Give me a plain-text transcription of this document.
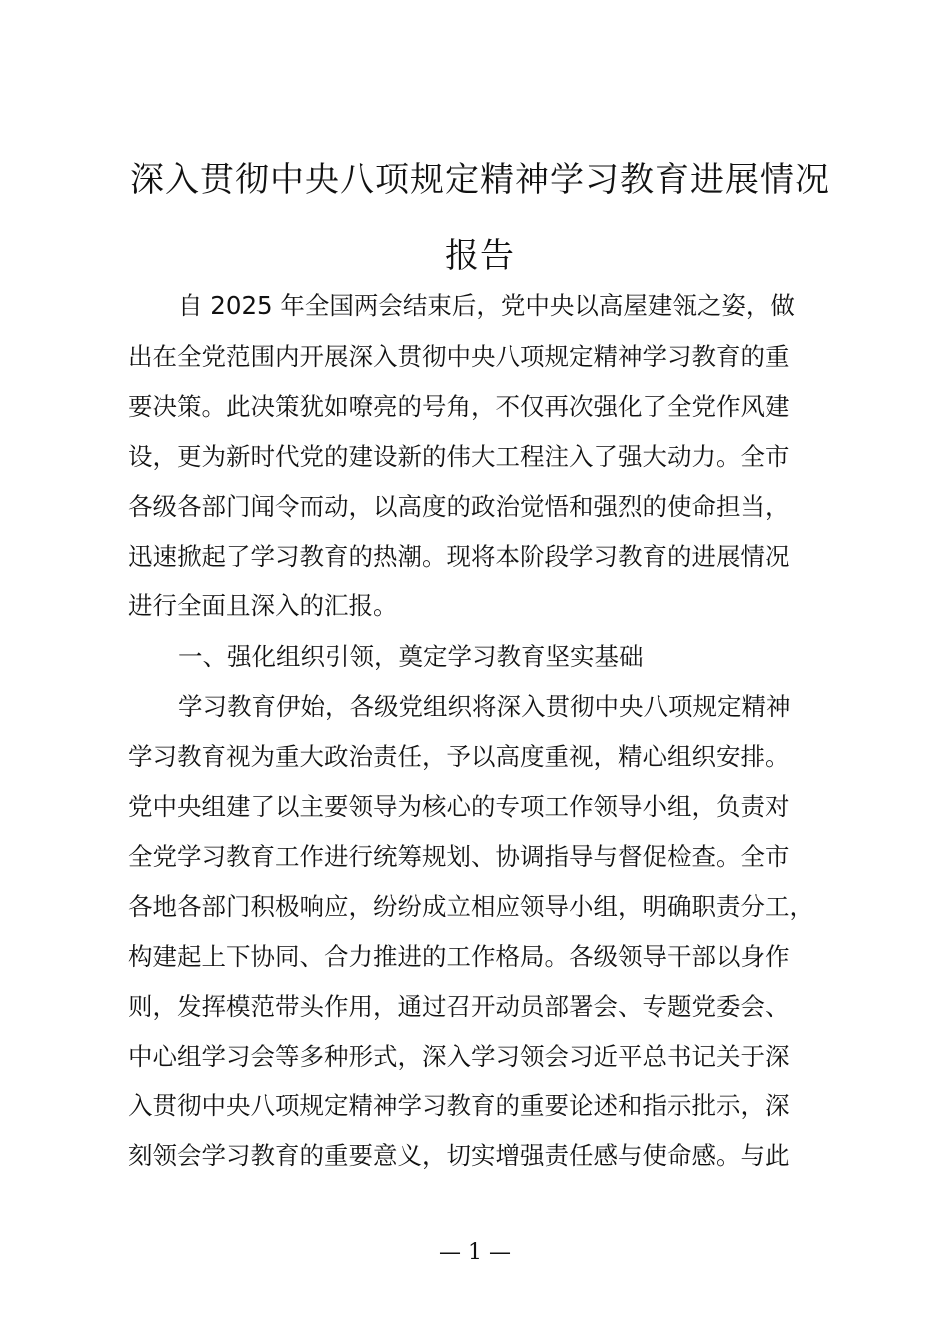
深入贯彻中央八项规定精神学习教育进展情况
报告

自 2025 年全国两会结束后，党中央以高屋建瓴之姿，做

出在全党范围内开展深入贯彻中央八项规定精神学习教育的重

要决策。此决策犹如嘹亮的号角，不仅再次强化了全党作风建

设，更为新时代党的建设新的伟大工程注入了强大动力。全市

各级各部门闻令而动，以高度的政治觉悟和强烈的使命担当，

迅速掀起了学习教育的热潮。现将本阶段学习教育的进展情况

进行全面且深入的汇报。

一、强化组织引领，奠定学习教育坚实基础

学习教育伊始，各级党组织将深入贯彻中央八项规定精神

学习教育视为重大政治责任，予以高度重视，精心组织安排。

党中央组建了以主要领导为核心的专项工作领导小组，负责对

全党学习教育工作进行统筹规划、协调指导与督促检查。全市

各地各部门积极响应，纷纷成立相应领导小组，明确职责分工，

构建起上下协同、合力推进的工作格局。各级领导干部以身作

则，发挥模范带头作用，通过召开动员部署会、专题党委会、

中心组学习会等多种形式，深入学习领会习近平总书记关于深

入贯彻中央八项规定精神学习教育的重要论述和指示批示，深

刻领会学习教育的重要意义，切实增强责任感与使命感。与此

— 1 —
